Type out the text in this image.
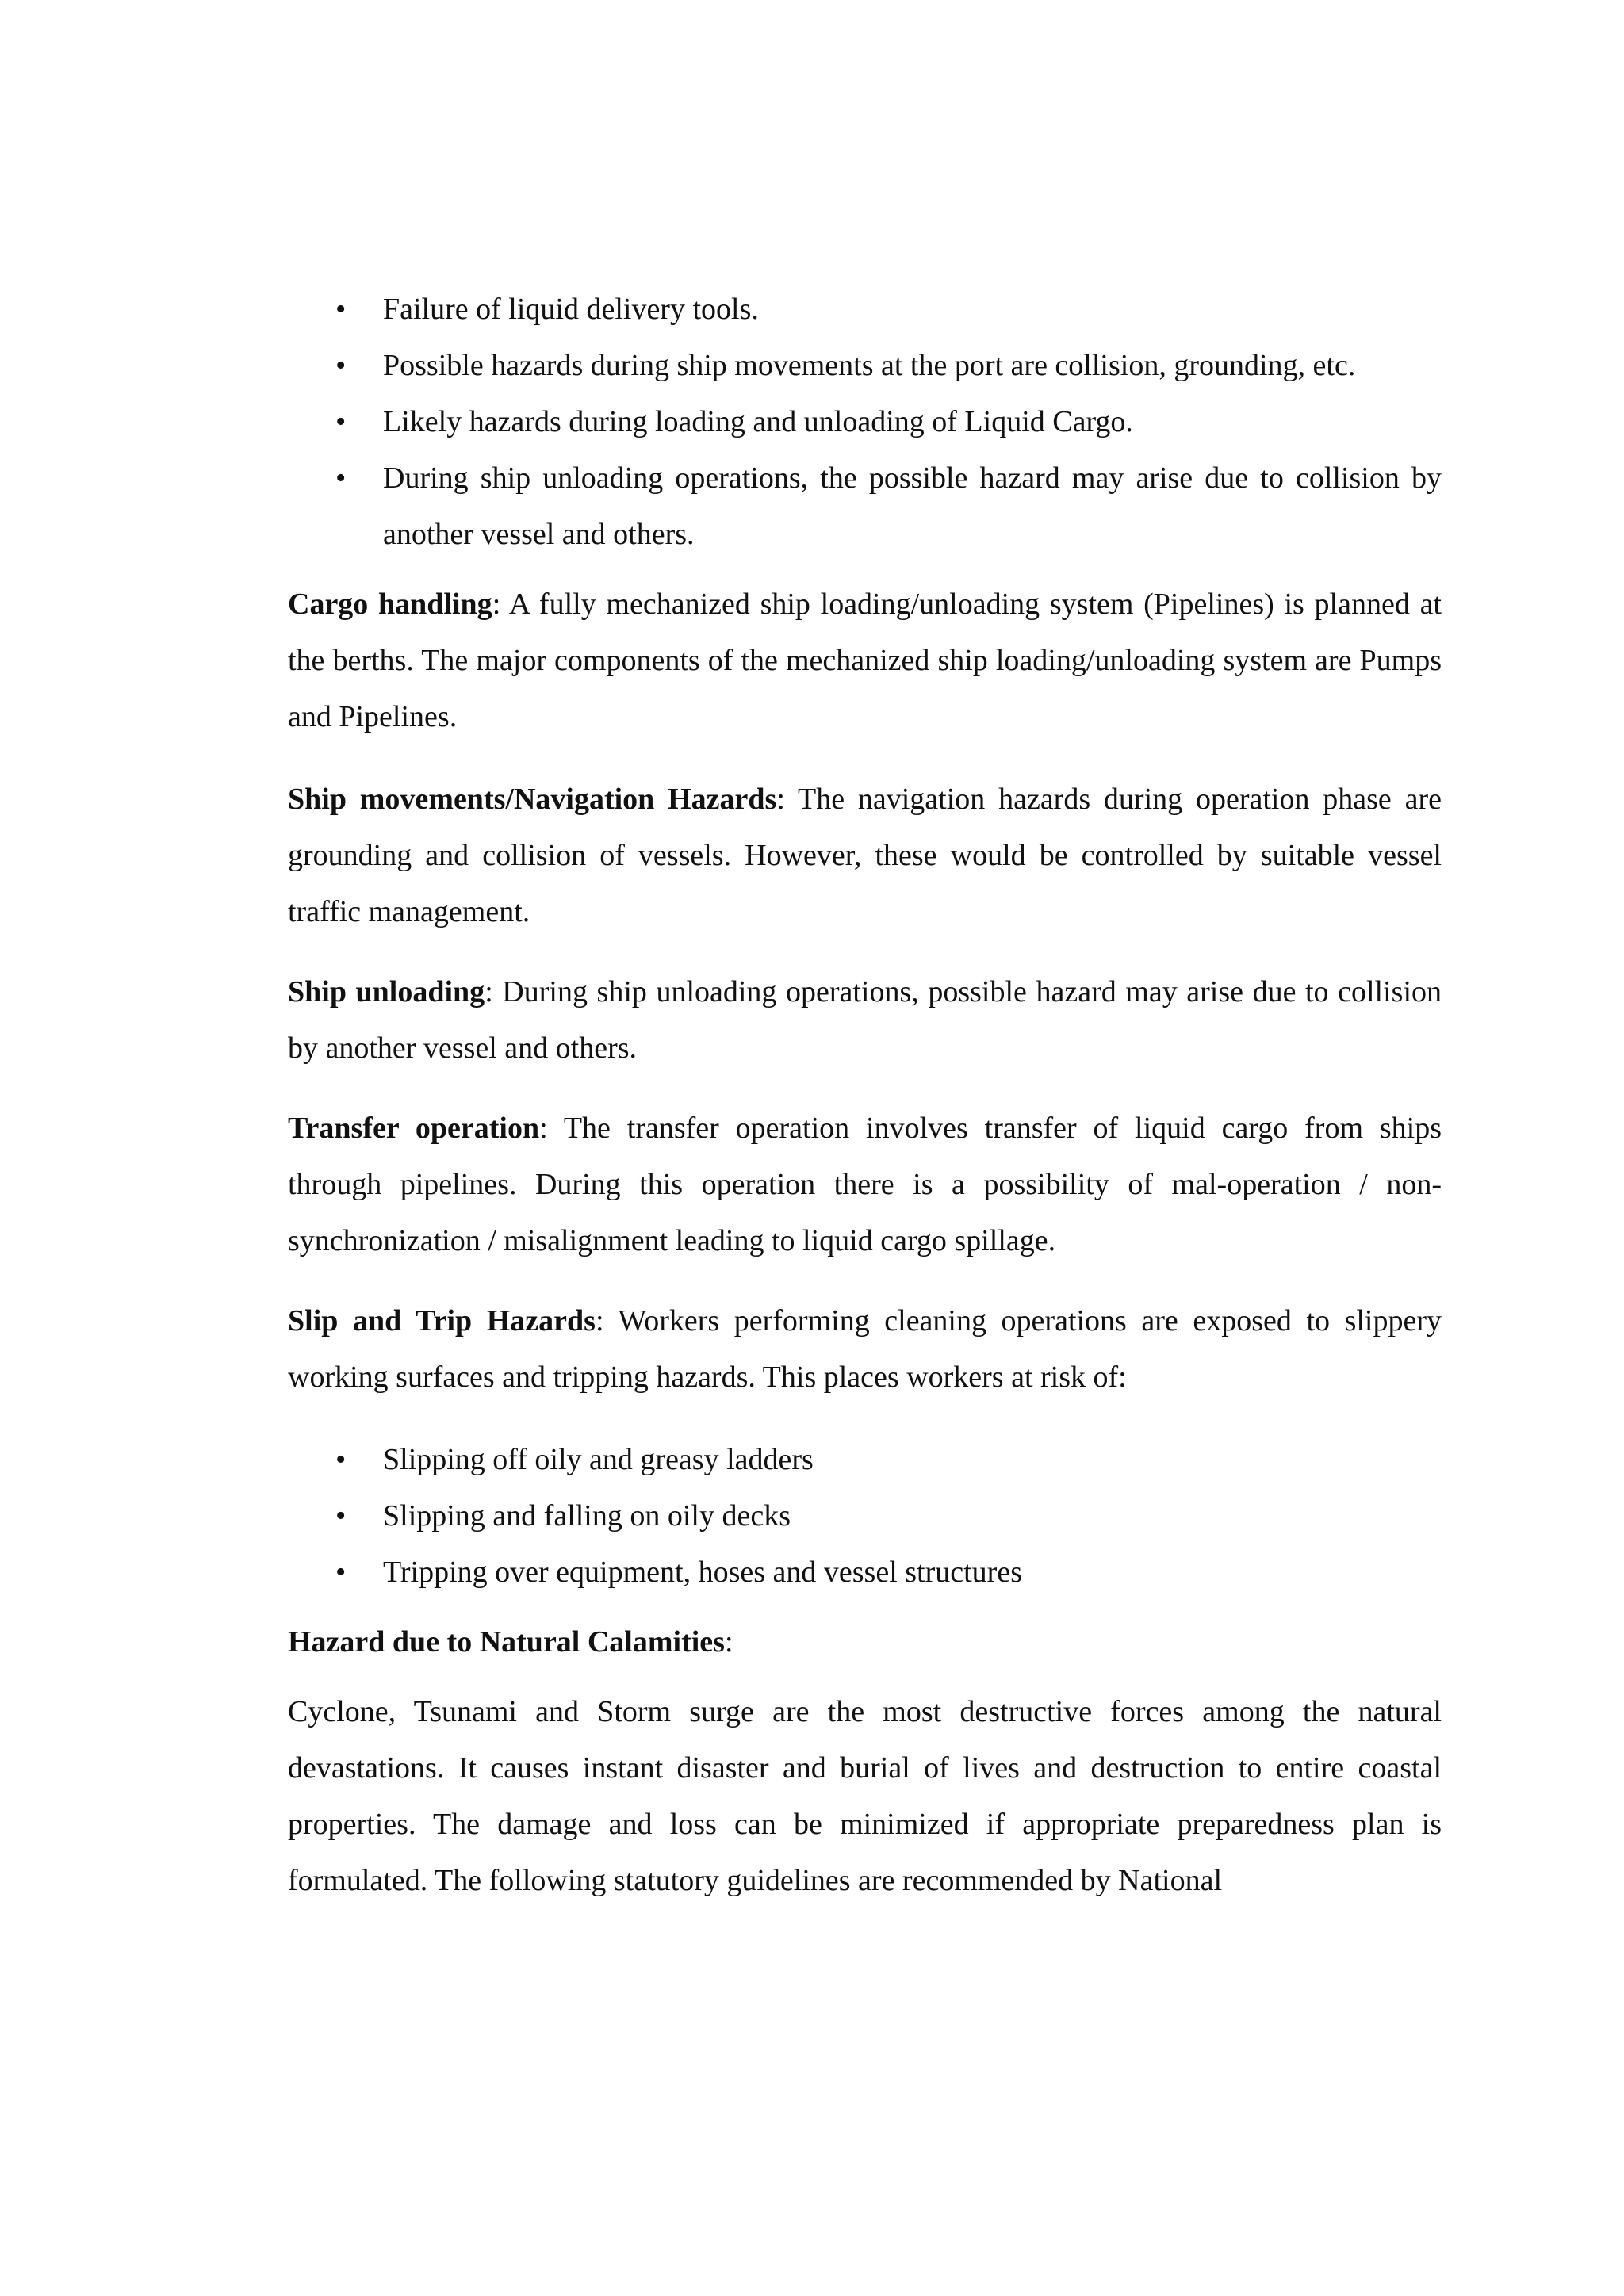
• Failure of liquid delivery tools.
• Possible hazards during ship movements at the port are collision, grounding, etc.
• Likely hazards during loading and unloading of Liquid Cargo.
• During ship unloading operations, the possible hazard may arise due to collision by another vessel and others.

Cargo handling: A fully mechanized ship loading/unloading system (Pipelines) is planned at the berths. The major components of the mechanized ship loading/unloading system are Pumps and Pipelines.

Ship movements/Navigation Hazards: The navigation hazards during operation phase are grounding and collision of vessels. However, these would be controlled by suitable vessel traffic management.

Ship unloading: During ship unloading operations, possible hazard may arise due to collision by another vessel and others.

Transfer operation: The transfer operation involves transfer of liquid cargo from ships through pipelines. During this operation there is a possibility of mal-operation / non-synchronization / misalignment leading to liquid cargo spillage.

Slip and Trip Hazards: Workers performing cleaning operations are exposed to slippery working surfaces and tripping hazards. This places workers at risk of:

• Slipping off oily and greasy ladders
• Slipping and falling on oily decks
• Tripping over equipment, hoses and vessel structures

Hazard due to Natural Calamities:

Cyclone, Tsunami and Storm surge are the most destructive forces among the natural devastations. It causes instant disaster and burial of lives and destruction to entire coastal properties. The damage and loss can be minimized if appropriate preparedness plan is formulated. The following statutory guidelines are recommended by National
